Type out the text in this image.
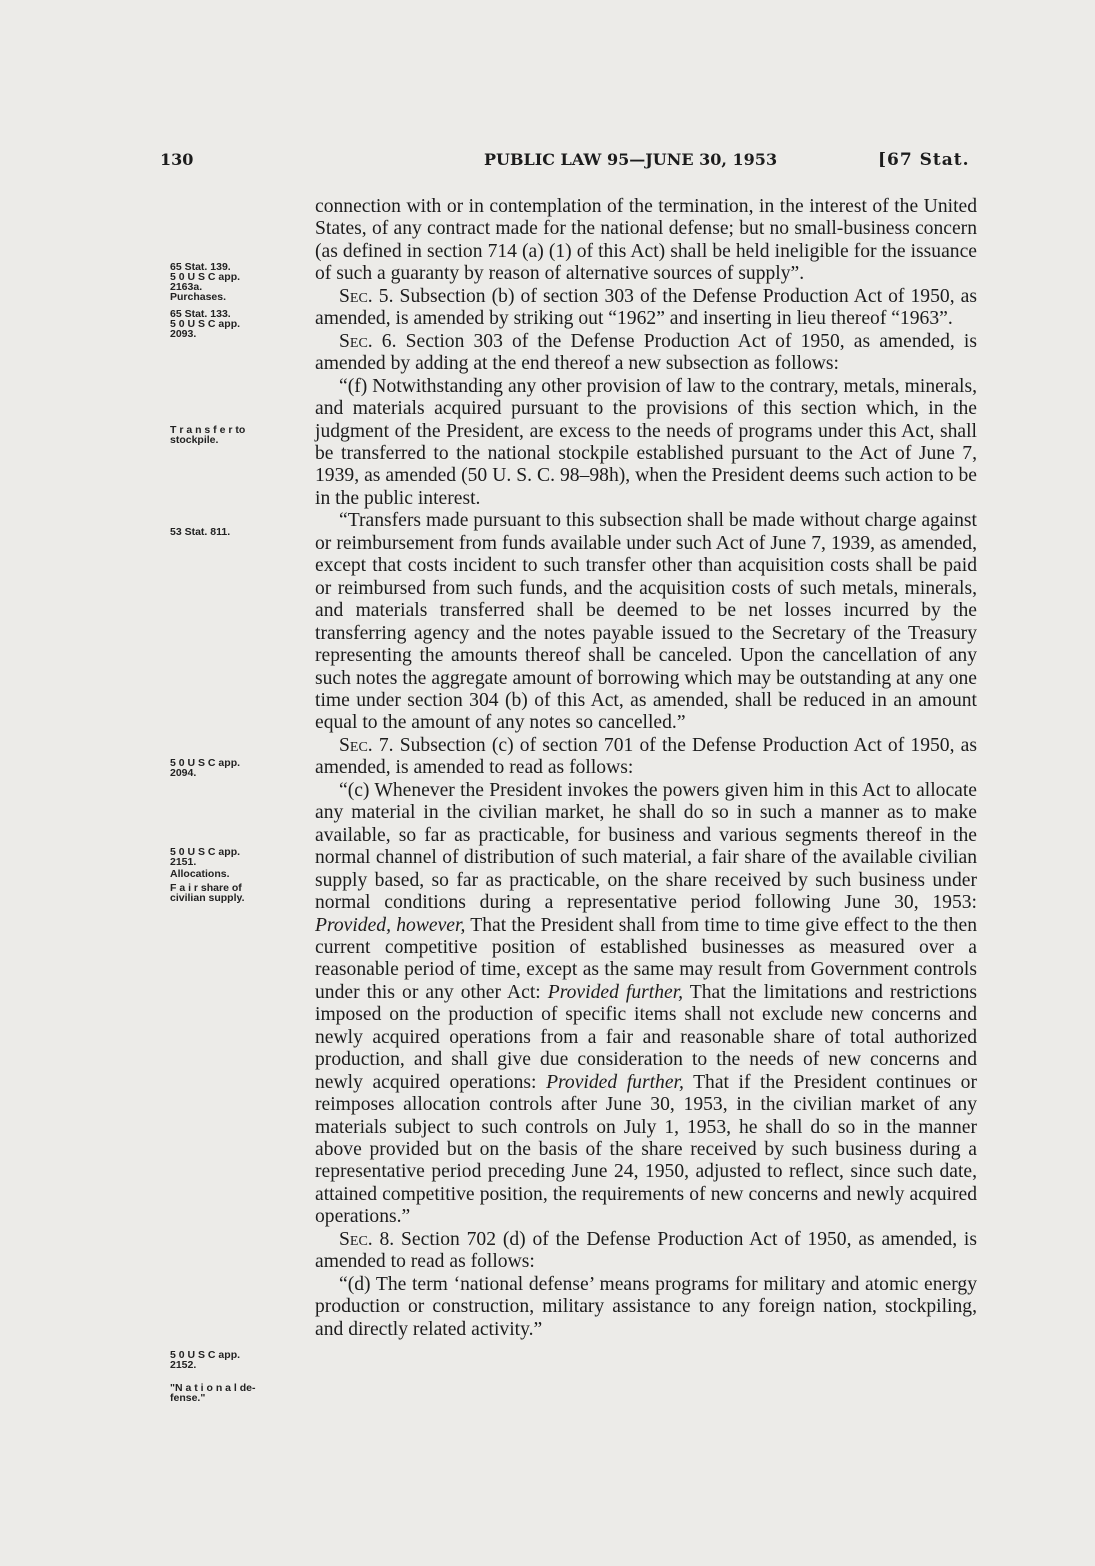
130	PUBLIC LAW 95—JUNE 30, 1953	[67 Stat.
65 Stat. 139.
5 0 U S C app.
2163a.
Purchases.
65 Stat. 133.
5 0 U S C app.
2093.
T r a n s f e r to
stockpile.
53 Stat. 811.
5 0 U S C app.
2094.
5 0 U S C app.
2151.
Allocations.
F a i r share of
civilian supply.
5 0 U S C app.
2152.
"N a t i o n a l de-
fense."

connection with or in contemplation of the termination, in the interest of the United States, of any contract made for the national defense; but no small-business concern (as defined in section 714 (a) (1) of this Act) shall be held ineligible for the issuance of such a guaranty by reason of alternative sources of supply”.

Sec. 5. Subsection (b) of section 303 of the Defense Production Act of 1950, as amended, is amended by striking out “1962” and inserting in lieu thereof “1963”.

Sec. 6. Section 303 of the Defense Production Act of 1950, as amended, is amended by adding at the end thereof a new subsection as follows:

“(f) Notwithstanding any other provision of law to the contrary, metals, minerals, and materials acquired pursuant to the provisions of this section which, in the judgment of the President, are excess to the needs of programs under this Act, shall be transferred to the national stockpile established pursuant to the Act of June 7, 1939, as amended (50 U. S. C. 98–98h), when the President deems such action to be in the public interest.

“Transfers made pursuant to this subsection shall be made without charge against or reimbursement from funds available under such Act of June 7, 1939, as amended, except that costs incident to such transfer other than acquisition costs shall be paid or reimbursed from such funds, and the acquisition costs of such metals, minerals, and materials transferred shall be deemed to be net losses incurred by the transferring agency and the notes payable issued to the Secretary of the Treasury representing the amounts thereof shall be canceled. Upon the cancellation of any such notes the aggregate amount of borrowing which may be outstanding at any one time under section 304 (b) of this Act, as amended, shall be reduced in an amount equal to the amount of any notes so cancelled.”

Sec. 7. Subsection (c) of section 701 of the Defense Production Act of 1950, as amended, is amended to read as follows:

“(c) Whenever the President invokes the powers given him in this Act to allocate any material in the civilian market, he shall do so in such a manner as to make available, so far as practicable, for business and various segments thereof in the normal channel of distribution of such material, a fair share of the available civilian supply based, so far as practicable, on the share received by such business under normal conditions during a representative period following June 30, 1953: Provided, however, That the President shall from time to time give effect to the then current competitive position of established businesses as measured over a reasonable period of time, except as the same may result from Government controls under this or any other Act: Provided further, That the limitations and restrictions imposed on the production of specific items shall not exclude new concerns and newly acquired operations from a fair and reasonable share of total authorized production, and shall give due consideration to the needs of new concerns and newly acquired operations: Provided further, That if the President continues or reimposes allocation controls after June 30, 1953, in the civilian market of any materials subject to such controls on July 1, 1953, he shall do so in the manner above provided but on the basis of the share received by such business during a representative period preceding June 24, 1950, adjusted to reflect, since such date, attained competitive position, the requirements of new concerns and newly acquired operations.”

Sec. 8. Section 702 (d) of the Defense Production Act of 1950, as amended, is amended to read as follows:

“(d) The term ‘national defense’ means programs for military and atomic energy production or construction, military assistance to any foreign nation, stockpiling, and directly related activity.”
